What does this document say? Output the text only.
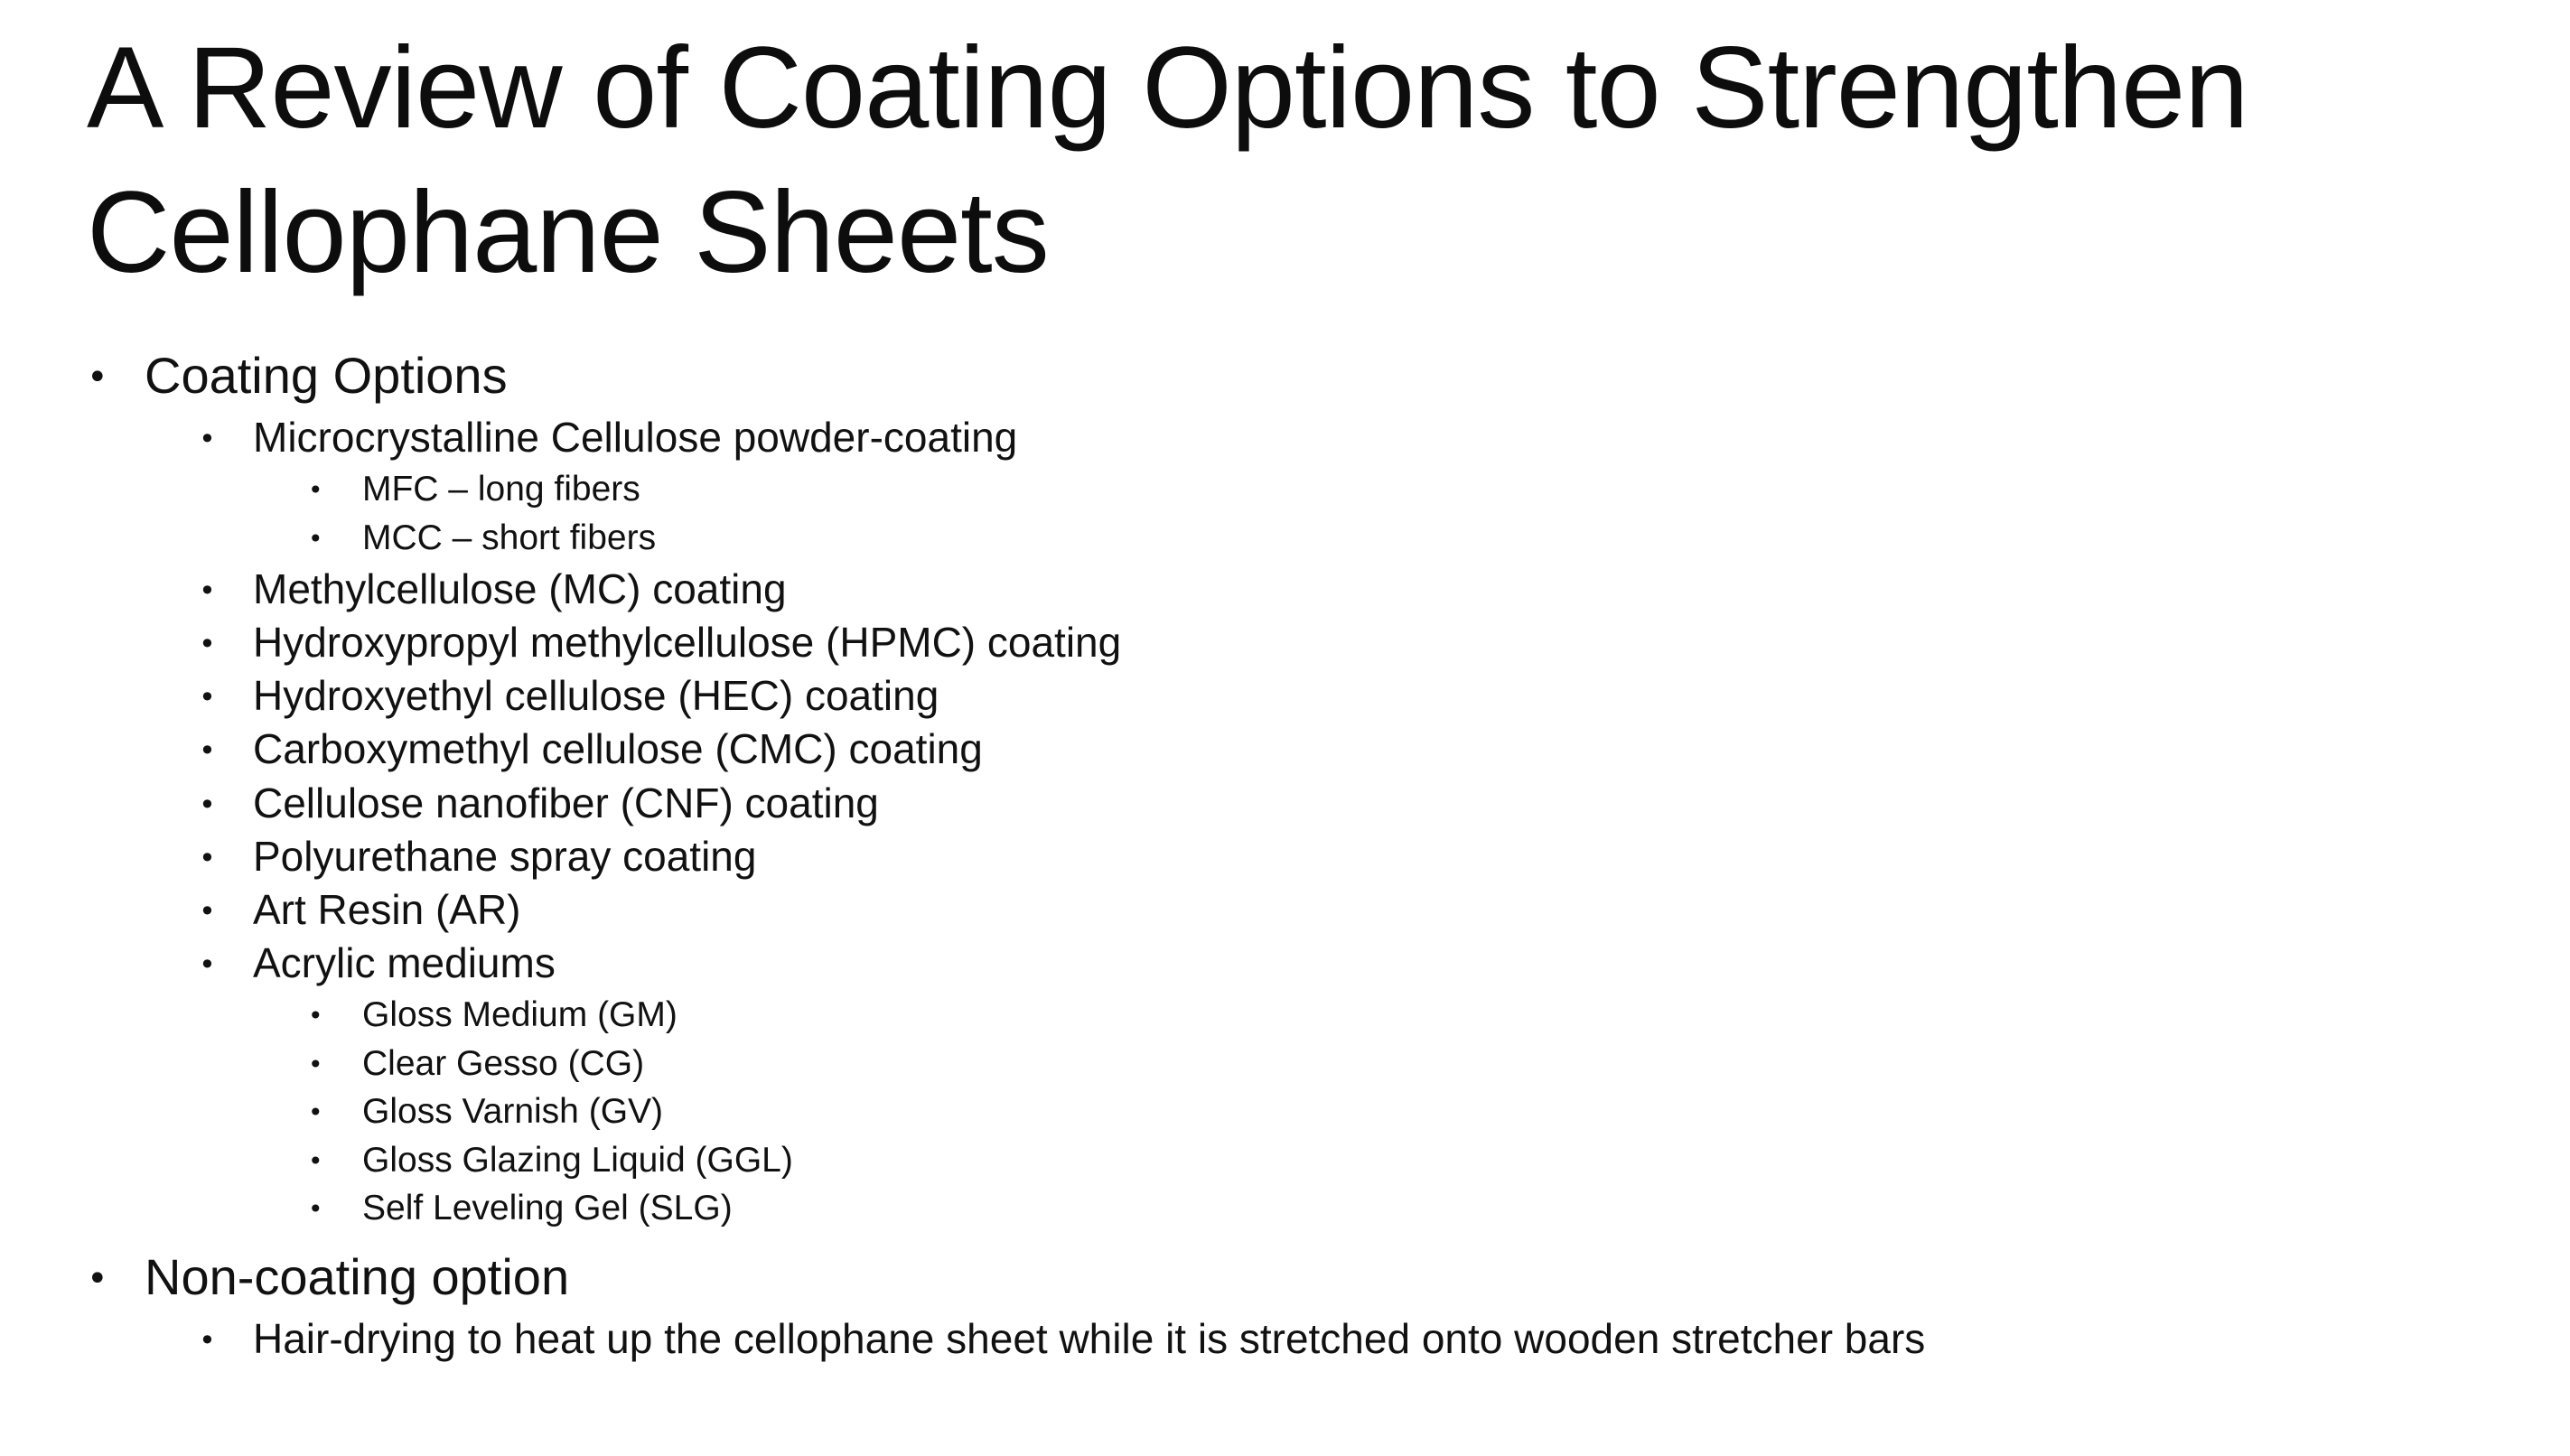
A Review of Coating Options to Strengthen
Cellophane Sheets
• Coating Options
• Microcrystalline Cellulose powder-coating
• MFC – long fibers
• MCC – short fibers
• Methylcellulose (MC) coating
• Hydroxypropyl methylcellulose (HPMC) coating
• Hydroxyethyl cellulose (HEC) coating
• Carboxymethyl cellulose (CMC) coating
• Cellulose nanofiber (CNF) coating
• Polyurethane spray coating
• Art Resin (AR)
• Acrylic mediums
• Gloss Medium (GM)
• Clear Gesso (CG)
• Gloss Varnish (GV)
• Gloss Glazing Liquid (GGL)
• Self Leveling Gel (SLG)
• Non-coating option
• Hair-drying to heat up the cellophane sheet while it is stretched onto wooden stretcher bars
